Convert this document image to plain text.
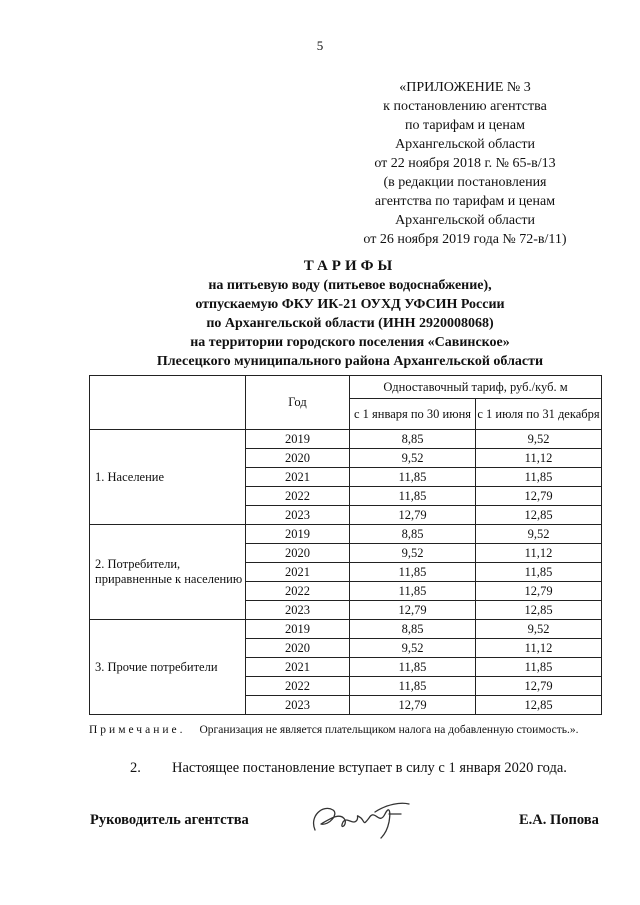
5
«ПРИЛОЖЕНИЕ № 3
к постановлению агентства
по тарифам и ценам
Архангельской области
от 22 ноября 2018 г. № 65-в/13
(в редакции постановления
агентства по тарифам и ценам
Архангельской области
от 26 ноября 2019 года № 72-в/11)
ТАРИФЫ
на питьевую воду (питьевое водоснабжение),
отпускаемую ФКУ ИК-21 ОУХД УФСИН России
по Архангельской области (ИНН 2920008068)
на территории городского поселения «Савинское»
Плесецкого муниципального района Архангельской области
	Год	Одноставочный тариф, руб./куб. м	
		с 1 января по 30 июня	с 1 июля по 31 декабря
1. Население	2019	8,85	9,52
	2020	9,52	11,12
	2021	11,85	11,85
	2022	11,85	12,79
	2023	12,79	12,85
2. Потребители, приравненные к населению	2019	8,85	9,52
	2020	9,52	11,12
	2021	11,85	11,85
	2022	11,85	12,79
	2023	12,79	12,85
3. Прочие потребители	2019	8,85	9,52
	2020	9,52	11,12
	2021	11,85	11,85
	2022	11,85	12,79
	2023	12,79	12,85
Примечание. Организация не является плательщиком налога на добавленную стоимость.».
2. Настоящее постановление вступает в силу с 1 января 2020 года.
Руководитель агентства	Е.А. Попова
